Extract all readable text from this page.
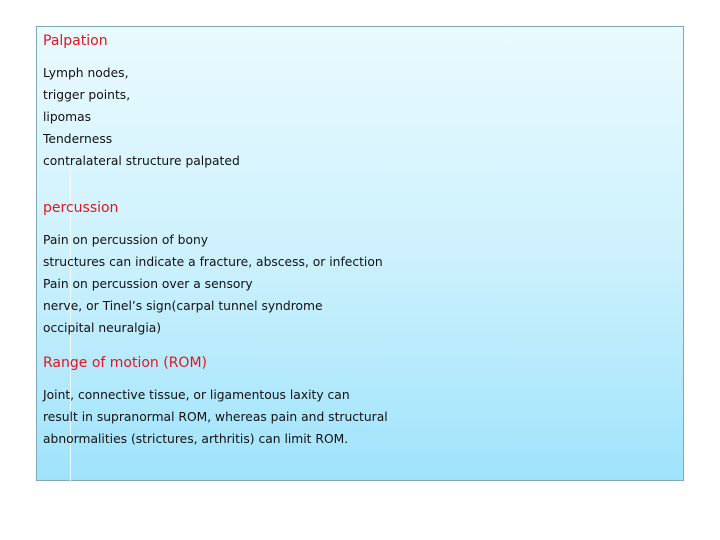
Palpation
Lymph nodes,
trigger points,
lipomas
Tenderness
contralateral structure palpated
percussion
Pain on percussion of bony
structures can indicate a fracture, abscess, or infection
Pain on percussion over a sensory
nerve, or Tinel’s sign(carpal tunnel syndrome
occipital neuralgia)
Range of motion (ROM)
Joint, connective tissue, or ligamentous laxity can
result in supranormal ROM, whereas pain and structural
abnormalities (strictures, arthritis) can limit ROM.
